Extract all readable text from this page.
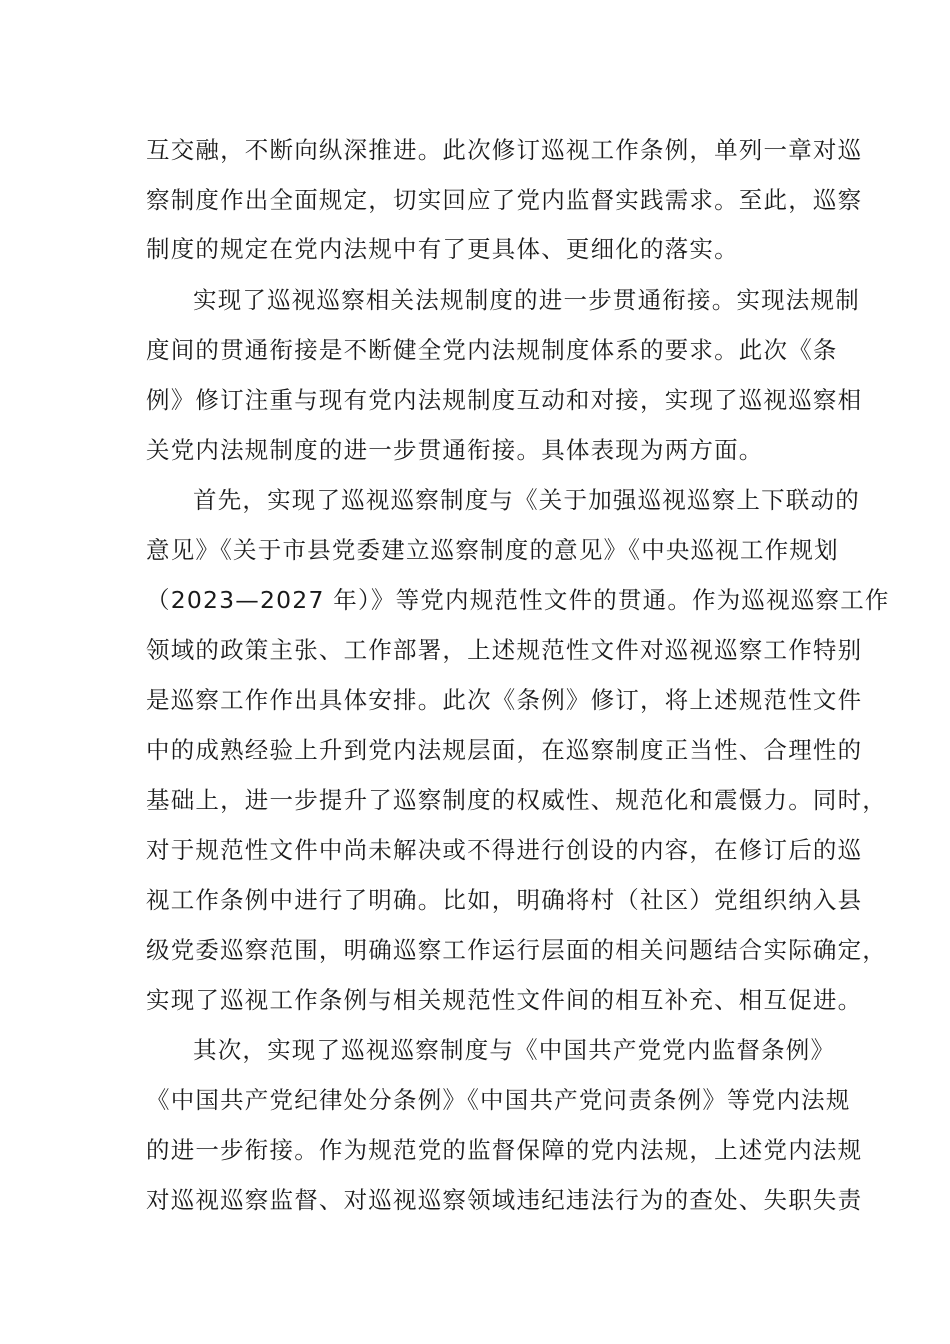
互交融，不断向纵深推进。此次修订巡视工作条例，单列一章对巡
察制度作出全面规定，切实回应了党内监督实践需求。至此，巡察
制度的规定在党内法规中有了更具体、更细化的落实。
实现了巡视巡察相关法规制度的进一步贯通衔接。实现法规制
度间的贯通衔接是不断健全党内法规制度体系的要求。此次《条
例》修订注重与现有党内法规制度互动和对接，实现了巡视巡察相
关党内法规制度的进一步贯通衔接。具体表现为两方面。
首先，实现了巡视巡察制度与《关于加强巡视巡察上下联动的
意见》《关于市县党委建立巡察制度的意见》《中央巡视工作规划
（2023—2027 年）》等党内规范性文件的贯通。作为巡视巡察工作
领域的政策主张、工作部署，上述规范性文件对巡视巡察工作特别
是巡察工作作出具体安排。此次《条例》修订，将上述规范性文件
中的成熟经验上升到党内法规层面，在巡察制度正当性、合理性的
基础上，进一步提升了巡察制度的权威性、规范化和震慑力。同时，
对于规范性文件中尚未解决或不得进行创设的内容，在修订后的巡
视工作条例中进行了明确。比如，明确将村（社区）党组织纳入县
级党委巡察范围，明确巡察工作运行层面的相关问题结合实际确定，
实现了巡视工作条例与相关规范性文件间的相互补充、相互促进。
其次，实现了巡视巡察制度与《中国共产党党内监督条例》
《中国共产党纪律处分条例》《中国共产党问责条例》等党内法规
的进一步衔接。作为规范党的监督保障的党内法规，上述党内法规
对巡视巡察监督、对巡视巡察领域违纪违法行为的查处、失职失责
